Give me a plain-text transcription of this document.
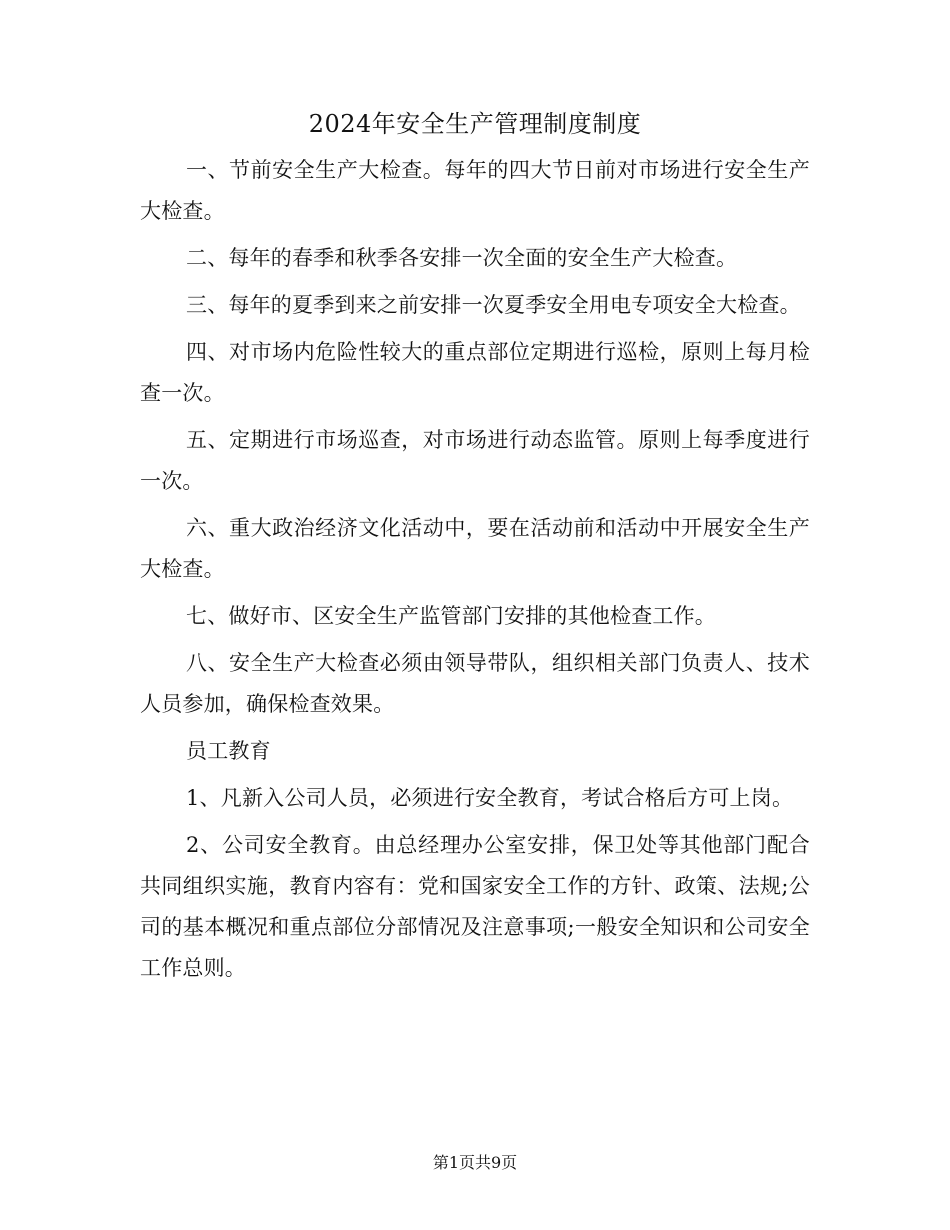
2024年安全生产管理制度制度

一、节前安全生产大检查。每年的四大节日前对市场进行安全生产大检查。

二、每年的春季和秋季各安排一次全面的安全生产大检查。

三、每年的夏季到来之前安排一次夏季安全用电专项安全大检查。

四、对市场内危险性较大的重点部位定期进行巡检，原则上每月检查一次。

五、定期进行市场巡查，对市场进行动态监管。原则上每季度进行一次。

六、重大政治经济文化活动中，要在活动前和活动中开展安全生产大检查。

七、做好市、区安全生产监管部门安排的其他检查工作。

八、安全生产大检查必须由领导带队，组织相关部门负责人、技术人员参加，确保检查效果。

员工教育

1、凡新入公司人员，必须进行安全教育，考试合格后方可上岗。

2、公司安全教育。由总经理办公室安排，保卫处等其他部门配合共同组织实施，教育内容有：党和国家安全工作的方针、政策、法规;公司的基本概况和重点部位分部情况及注意事项;一般安全知识和公司安全工作总则。

第1页共9页
